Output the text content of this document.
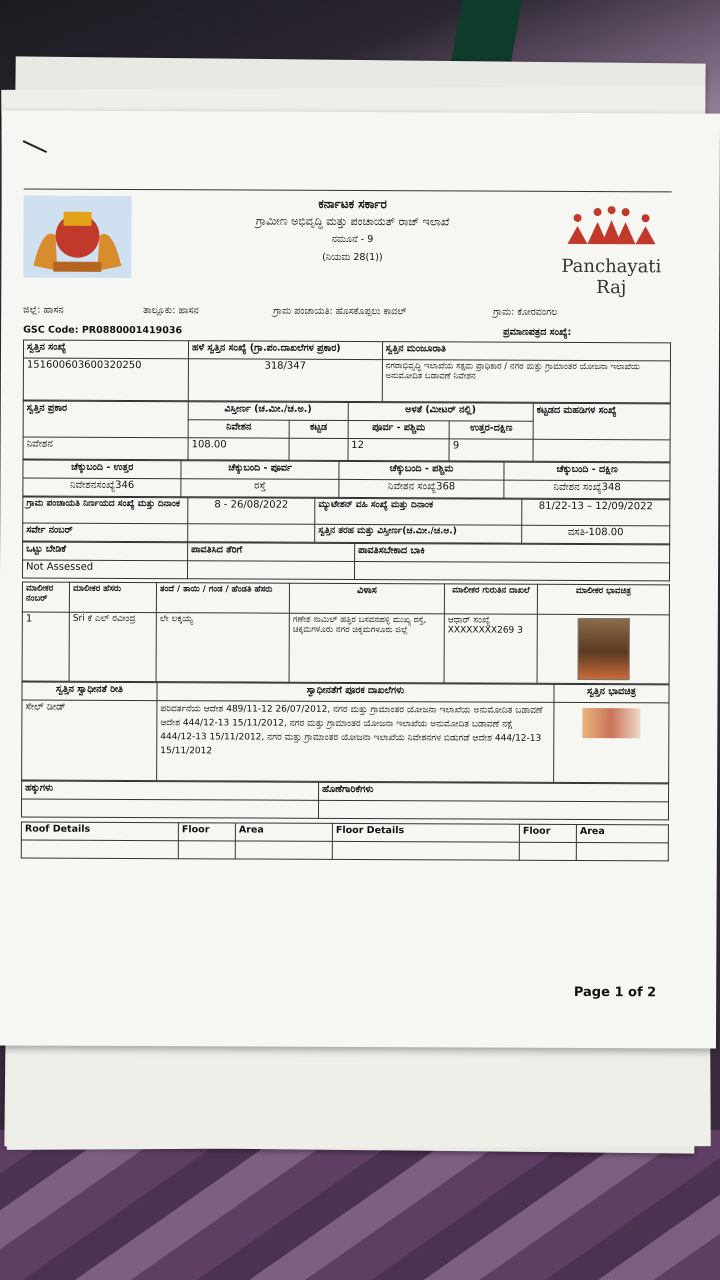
ಕರ್ನಾಟಕ ಸರ್ಕಾರ
ಗ್ರಾಮೀಣ ಅಭಿವೃದ್ಧಿ ಮತ್ತು ಪಂಚಾಯತ್ ರಾಜ್ ಇಲಾಖೆ
ನಮೂನೆ - 9
(ನಿಯಮ 28(1))	Panchayati Raj
ಜಿಲ್ಲೆ: ಹಾಸನ	ತಾಲ್ಲೂಕು: ಹಾಸನ	ಗ್ರಾಮ ಪಂಚಾಯತಿ: ಹೊಸಕೊಪ್ಪಲು ಕಾವಲ್	ಗ್ರಾಮ: ಕೋರವಂಗಲ
GSC Code: PR0880001419036	ಪ್ರಮಾಣಪತ್ರದ ಸಂಖ್ಯೆ:
ಸ್ವತ್ತಿನ ಸಂಖ್ಯೆ	ಹಳೆ ಸ್ವತ್ತಿನ ಸಂಖ್ಯೆ (ಗ್ರಾ.ಪಂ.ದಾಖಲೆಗಳ ಪ್ರಕಾರ)	ಸ್ವತ್ತಿನ ಮಂಜೂರಾತಿ
151600603600320250	318/347	ನಗರಾಭಿವೃದ್ಧಿ ಇಲಾಖೆಯ ಸಕ್ಷಮ ಪ್ರಾಧಿಕಾರ / ನಗರ ಮತ್ತು ಗ್ರಾಮಾಂತರ ಯೋಜನಾ ಇಲಾಖೆಯ ಅನುಮೋದಿತ ಬಡಾವಣೆ ನಿವೇಶನ
ಸ್ವತ್ತಿನ ಪ್ರಕಾರ	ವಿಸ್ತೀರ್ಣ (ಚ.ಮೀ./ಚ.ಅ.)		ಅಳತೆ (ಮೀಟರ್ ನಲ್ಲಿ)		ಕಟ್ಟಡದ ಮಹಡಿಗಳ ಸಂಖ್ಯೆ
	ನಿವೇಶನ	ಕಟ್ಟಡ	ಪೂರ್ವ - ಪಶ್ಚಿಮ	ಉತ್ತರ-ದಕ್ಷಿಣ	
ನಿವೇಶನ	108.00		12	9	
ಚೆಕ್ಕುಬಂದಿ - ಉತ್ತರ	ಚೆಕ್ಕುಬಂದಿ - ಪೂರ್ವ	ಚೆಕ್ಕುಬಂದಿ - ಪಶ್ಚಿಮ	ಚೆಕ್ಕುಬಂದಿ - ದಕ್ಷಿಣ
ನಿವೇಶನಸಂಖ್ಯೆ346	ರಸ್ತೆ	ನಿವೇಶನ ಸಂಖ್ಯೆ368	ನಿವೇಶನ ಸಂಖ್ಯೆ348
ಗ್ರಾಮ ಪಂಚಾಯತಿ ನಿರ್ಣಯದ ಸಂಖ್ಯೆ ಮತ್ತು ದಿನಾಂಕ	8 - 26/08/2022	ಮ್ಯುಟೇಶನ್ ವಹಿ ಸಂಖ್ಯೆ ಮತ್ತು ದಿನಾಂಕ	81/22-13 – 12/09/2022
ಸರ್ವೇ ನಂಬರ್		ಸ್ವತ್ತಿನ ತರಹ ಮತ್ತು ವಿಸ್ತೀರ್ಣ(ಚ.ಮೀ./ಚ.ಅ.)	ವಸತಿ-108.00
ಒಟ್ಟು ಬೇಡಿಕೆ	ಪಾವತಿಸಿದ ತೆರಿಗೆ	ಪಾವತಿಸಬೇಕಾದ ಬಾಕಿ
Not Assessed		
ಮಾಲೀಕರ ನಂಬರ್	ಮಾಲೀಕರ ಹೆಸರು	ತಂದೆ / ತಾಯಿ / ಗಂಡ / ಹೆಂಡತಿ ಹೆಸರು	ವಿಳಾಸ	ಮಾಲೀಕರ ಗುರುತಿನ ದಾಖಲೆ	ಮಾಲೀಕರ ಭಾವಚಿತ್ರ
1	Sri ಕೆ ಎಲ್ ರವೀಂದ್ರ	ಲೇ ಲಕ್ಕಯ್ಯ	ಗಣೇಶ ನಾಮಿಲ್ ಹತ್ತಿರ ಬಸವನಹಳ್ಳಿ ಮುಖ್ಯ ರಸ್ತೆ, ಚಿಕ್ಕಮಗಳೂರು ನಗರ ಚಿಕ್ಕಮಗಳೂರು ಜಿಲ್ಲೆ	ಆಧಾರ್ ಸಂಖ್ಯೆ
XXXXXXXX269 3	

ಸ್ವತ್ತಿನ ಸ್ವಾಧೀನತೆ ರೀತಿ	ಸ್ವಾಧೀನತೆಗೆ ಪೂರಕ ದಾಖಲೆಗಳು	ಸ್ವತ್ತಿನ ಭಾವಚಿತ್ರ
ಸೇಲ್ ಡೀಡ್	ಪರಿವರ್ತನೆಯ ಆದೇಶ 489/11-12 26/07/2012, ನಗರ ಮತ್ತು ಗ್ರಾಮಾಂತರ ಯೋಜನಾ ಇಲಾಖೆಯ ಅನುಮೋದಿತ ಬಡಾವಣೆ ಆದೇಶ 444/12-13 15/11/2012, ನಗರ ಮತ್ತು ಗ್ರಾಮಾಂತರ ಯೋಜನಾ ಇಲಾಖೆಯ ಅನುಮೋದಿತ ಬಡಾವಣೆ ನಕ್ಷೆ 444/12-13 15/11/2012, ನಗರ ಮತ್ತು ಗ್ರಾಮಾಂತರ ಯೋಜನಾ ಇಲಾಖೆಯ ನಿವೇಶನಗಳ ಬಿಡುಗಡೆ ಆದೇಶ 444/12-13 15/11/2012	
ಹಕ್ಕುಗಳು	ಹೊಣೆಗಾರಿಕೆಗಳು

Roof Details	Floor	Area	Floor Details	Floor	Area

Page 1 of 2
